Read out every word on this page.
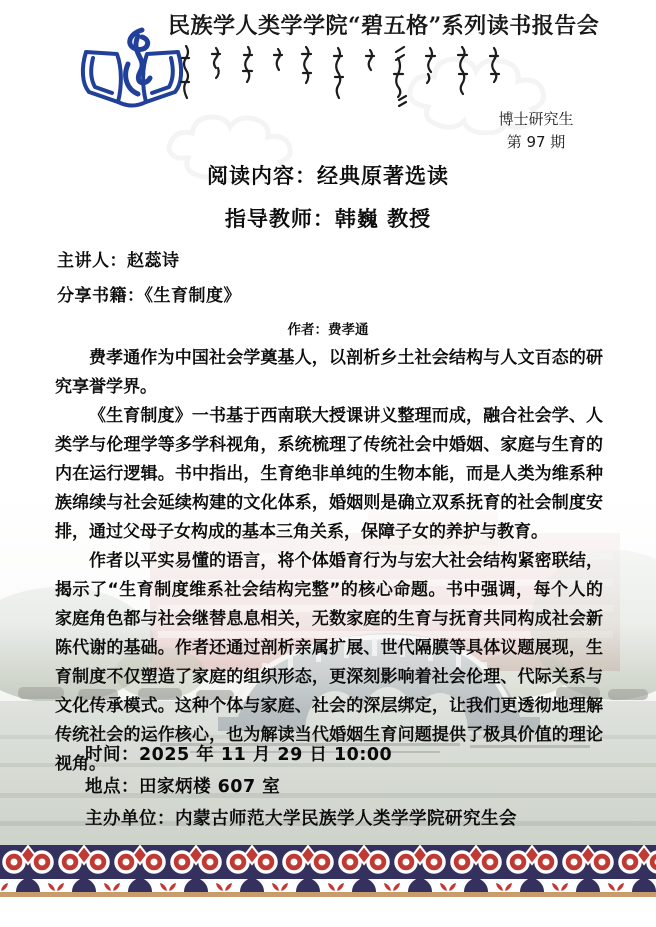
民族学人类学学院“碧五格”系列读书报告会
博士研究生
第 97 期
阅读内容：经典原著选读
指导教师：韩巍 教授
主讲人：赵蕊诗
分享书籍：《生育制度》
作者：费孝通

费孝通作为中国社会学奠基人，以剖析乡土社会结构与人文百态的研究享誉学界。

《生育制度》一书基于西南联大授课讲义整理而成，融合社会学、人类学与伦理学等多学科视角，系统梳理了传统社会中婚姻、家庭与生育的内在运行逻辑。书中指出，生育绝非单纯的生物本能，而是人类为维系种族绵续与社会延续构建的文化体系，婚姻则是确立双系抚育的社会制度安排，通过父母子女构成的基本三角关系，保障子女的养护与教育。

作者以平实易懂的语言，将个体婚育行为与宏大社会结构紧密联结，揭示了“生育制度维系社会结构完整”的核心命题。书中强调，每个人的家庭角色都与社会继替息息相关，无数家庭的生育与抚育共同构成社会新陈代谢的基础。作者还通过剖析亲属扩展、世代隔膜等具体议题展现，生育制度不仅塑造了家庭的组织形态，更深刻影响着社会伦理、代际关系与文化传承模式。这种个体与家庭、社会的深层绑定，让我们更透彻地理解传统社会的运作核心，也为解读当代婚姻生育问题提供了极具价值的理论视角。

时间：2025 年 11 月 29 日 10:00
地点：田家炳楼 607 室
主办单位：内蒙古师范大学民族学人类学学院研究生会
